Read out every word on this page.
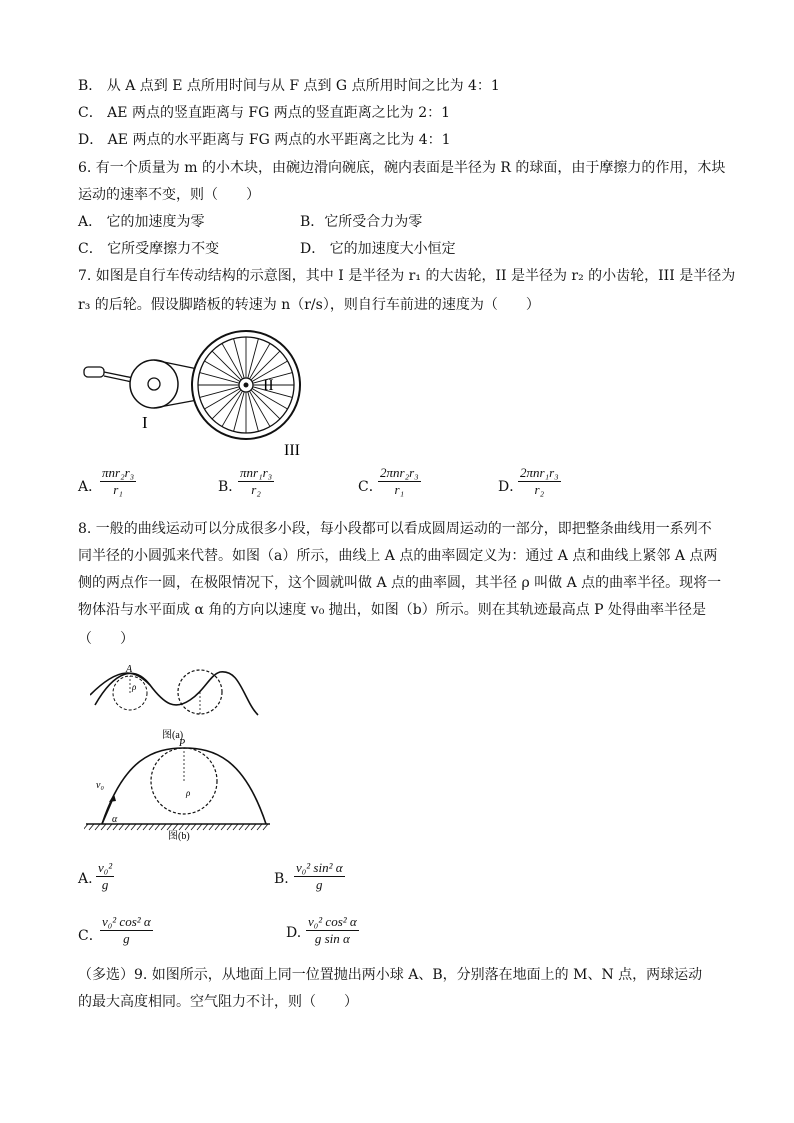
B． 从 A 点到 E 点所用时间与从 F 点到 G 点所用时间之比为 4：1
C． AE 两点的竖直距离与 FG 两点的竖直距离之比为 2：1
D． AE 两点的水平距离与 FG 两点的水平距离之比为 4：1
6. 有一个质量为 m 的小木块，由碗边滑向碗底，碗内表面是半径为 R 的球面，由于摩擦力的作用，木块
运动的速率不变，则（　　）
A． 它的加速度为零	B．它所受合力为零
C． 它所受摩擦力不变	D． 它的加速度大小恒定
7. 如图是自行车传动结构的示意图，其中 I 是半径为 r₁ 的大齿轮，II 是半径为 r₂ 的小齿轮，III 是半径为
r₃ 的后轮。假设脚踏板的转速为 n（r/s），则自行车前进的速度为（　　）
I
II
III
A．
πnr₂r₃
r₁	B．
πnr₁r₃
r₂	C．
2πnr₂r₃
r₁	D．
2πnr₁r₃
r₂
8. 一般的曲线运动可以分成很多小段，每小段都可以看成圆周运动的一部分，即把整条曲线用一系列不
同半径的小圆弧来代替。如图（a）所示，曲线上 A 点的曲率圆定义为：通过 A 点和曲线上紧邻 A 点两
侧的两点作一圆，在极限情况下，这个圆就叫做 A 点的曲率圆，其半径 ρ 叫做 A 点的曲率半径。现将一
物体沿与水平面成 α 角的方向以速度 v₀ 抛出，如图（b）所示。则在其轨迹最高点 P 处得曲率半径是
（　　）
A
ρ
图(a)
P
ρ
v₀
α
图(b)
A. $\frac{\text{v₀²}}{g}$	B. $\frac{\text{v₀² sin² α}}{g}$
C．
$\frac{\text{v₀² cos² α}}{g}$	D. $\frac{\text{v₀² cos² α}}{\text{g sin α}}$
（多选）9. 如图所示，从地面上同一位置抛出两小球 A、B，分别落在地面上的 M、N 点，两球运动
的最大高度相同。空气阻力不计，则（　　）
